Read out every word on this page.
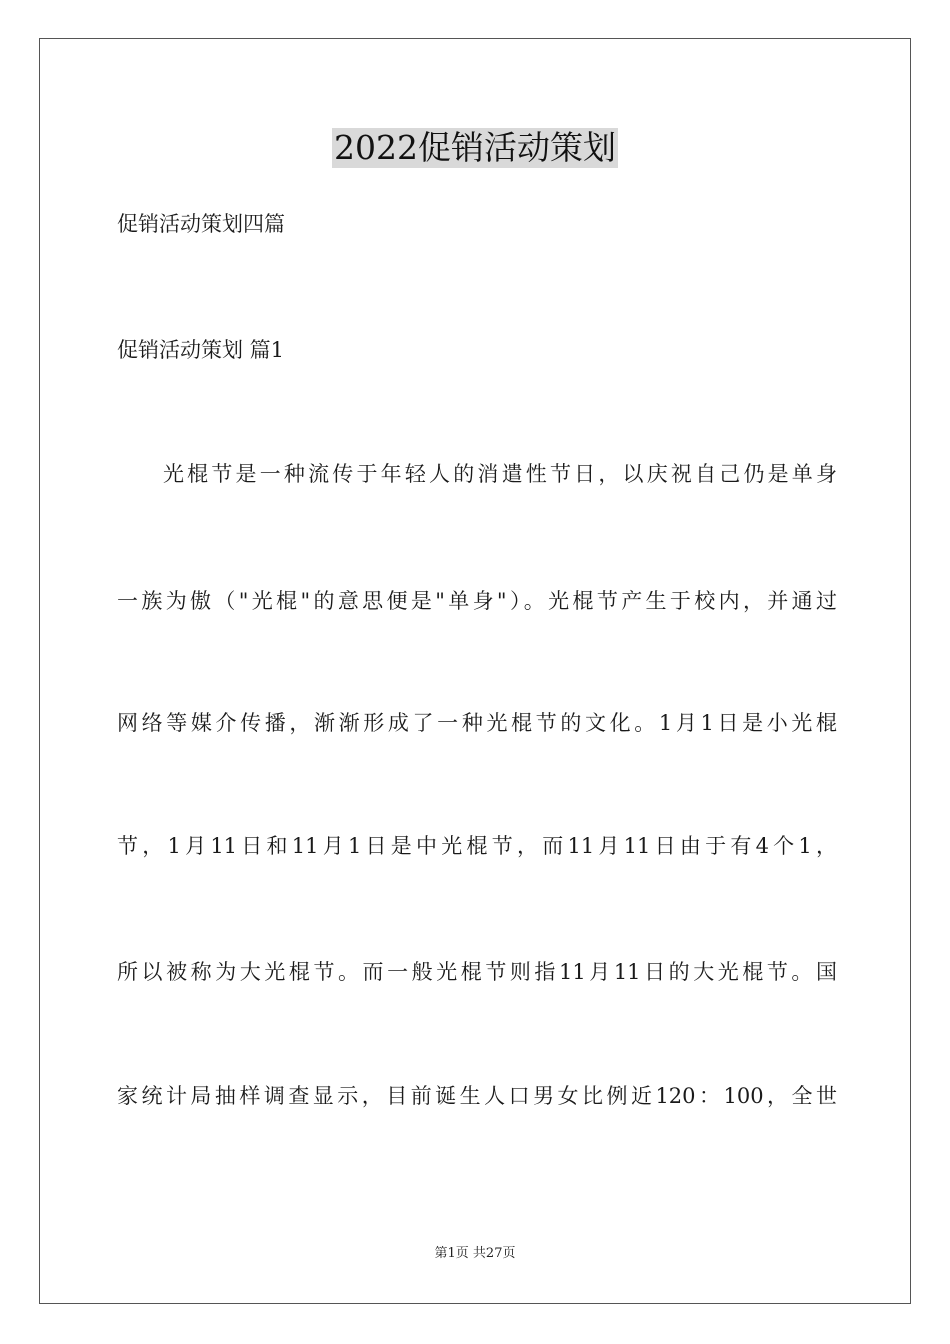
2022促销活动策划
促销活动策划四篇
促销活动策划 篇1
光棍节是一种流传于年轻人的消遣性节日，以庆祝自己仍是单身
一族为傲（"光棍"的意思便是"单身"）。光棍节产生于校内，并通过
网络等媒介传播，渐渐形成了一种光棍节的文化。1月1日是小光棍
节，1月11日和11月1日是中光棍节，而11月11日由于有4个1，
所以被称为大光棍节。而一般光棍节则指11月11日的大光棍节。国
家统计局抽样调查显示，目前诞生人口男女比例近120：100，全世
第1页 共27页
